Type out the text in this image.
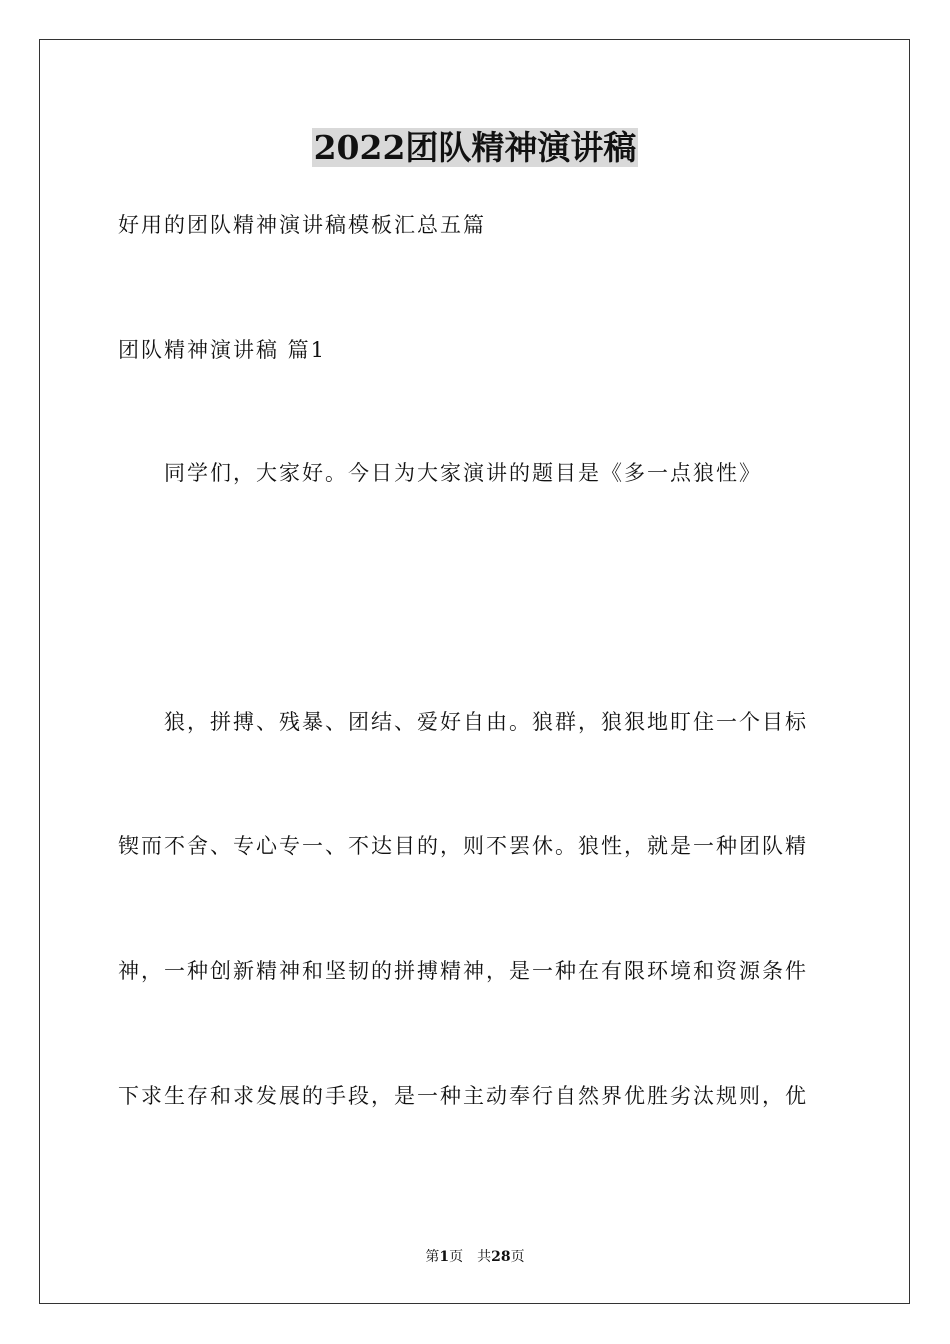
2022团队精神演讲稿
好用的团队精神演讲稿模板汇总五篇
团队精神演讲稿 篇1
同学们，大家好。今日为大家演讲的题目是《多一点狼性》
狼，拼搏、残暴、团结、爱好自由。狼群，狼狠地盯住一个目标
锲而不舍、专心专一、不达目的，则不罢休。狼性，就是一种团队精
神，一种创新精神和坚韧的拼搏精神，是一种在有限环境和资源条件
下求生存和求发展的手段，是一种主动奉行自然界优胜劣汰规则，优
第1页 共28页
